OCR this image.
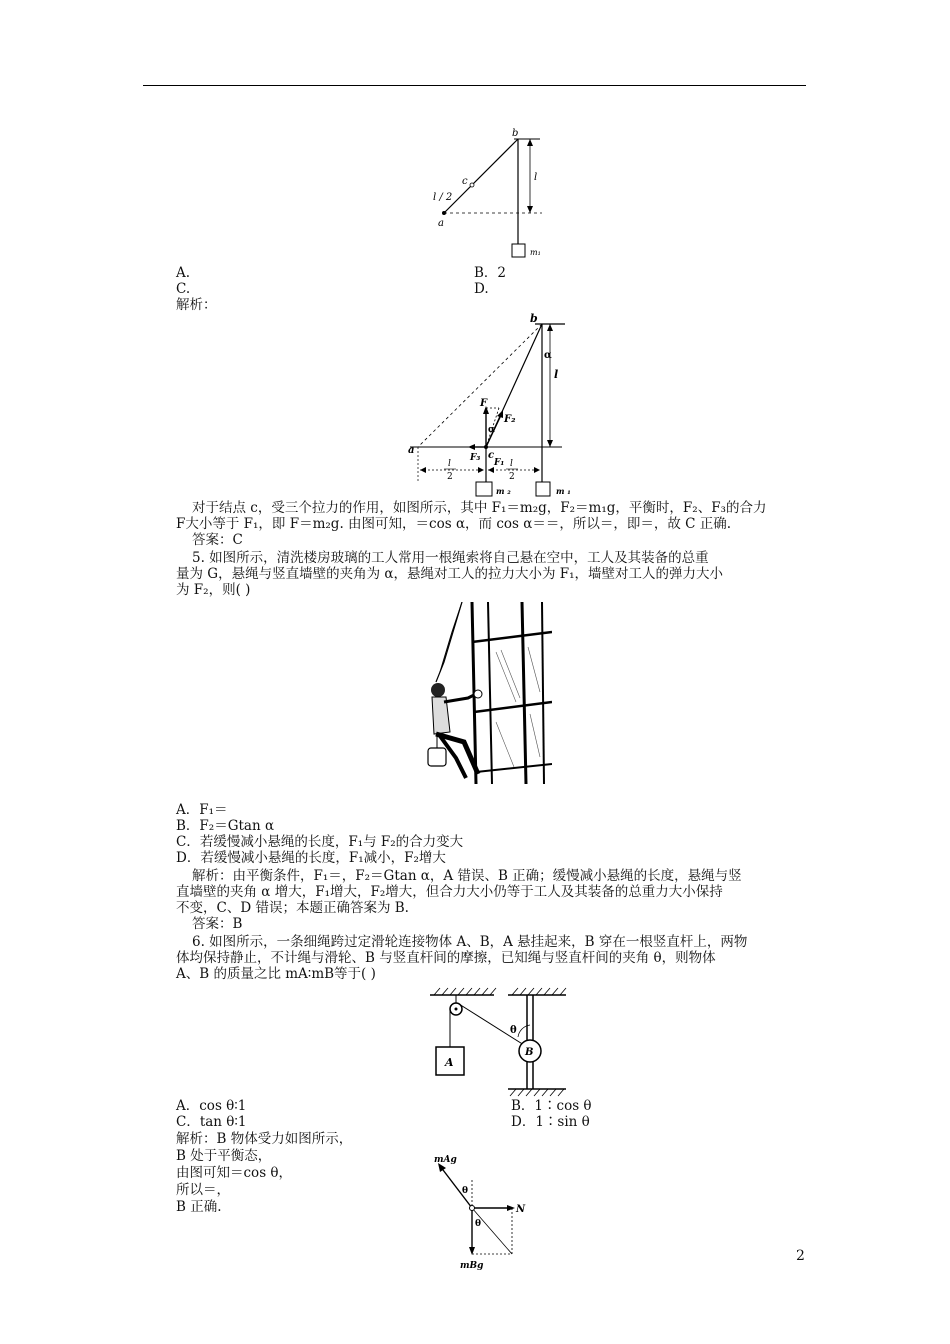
b
c
a
l / 2
l
m₁
A.	B．2
C.	D.
解析：
b
α
l
F
F₂
α
F₃ c
F₁
a
l
2
l
2
m ₂	m ₁
对于结点 c，受三个拉力的作用，如图所示，其中 F₁＝m₂g，F₂＝m₁g，平衡时，F₂、F₃的合力
F大小等于 F₁，即 F＝m₂g. 由图可知，＝cos α，而 cos α＝＝，所以＝，即＝，故 C 正确.
答案：C
5. 如图所示，清洗楼房玻璃的工人常用一根绳索将自己悬在空中，工人及其装备的总重
量为 G，悬绳与竖直墙壁的夹角为 α，悬绳对工人的拉力大小为 F₁，墙壁对工人的弹力大小
为 F₂，则( )
A．F₁＝
B．F₂＝Gtan α
C．若缓慢减小悬绳的长度，F₁与 F₂的合力变大
D．若缓慢减小悬绳的长度，F₁减小，F₂增大
解析：由平衡条件，F₁＝，F₂＝Gtan α，A 错误、B 正确；缓慢减小悬绳的长度，悬绳与竖
直墙壁的夹角 α 增大，F₁增大，F₂增大，但合力大小仍等于工人及其装备的总重力大小保持
不变，C、D 错误；本题正确答案为 B.
答案：B
6. 如图所示，一条细绳跨过定滑轮连接物体 A、B，A 悬挂起来，B 穿在一根竖直杆上，两物
体均保持静止，不计绳与滑轮、B 与竖直杆间的摩擦，已知绳与竖直杆间的夹角 θ，则物体
A、B 的质量之比 mA∶mB等于( )
θ
A
B
A．cos θ∶1	B．1∶cos θ
C．tan θ∶1	D．1∶sin θ
解析：B 物体受力如图所示，
B 处于平衡态，
由图可知＝cos θ，
所以＝，
B 正确.
mAg
θ
N
θ
mBg
2
